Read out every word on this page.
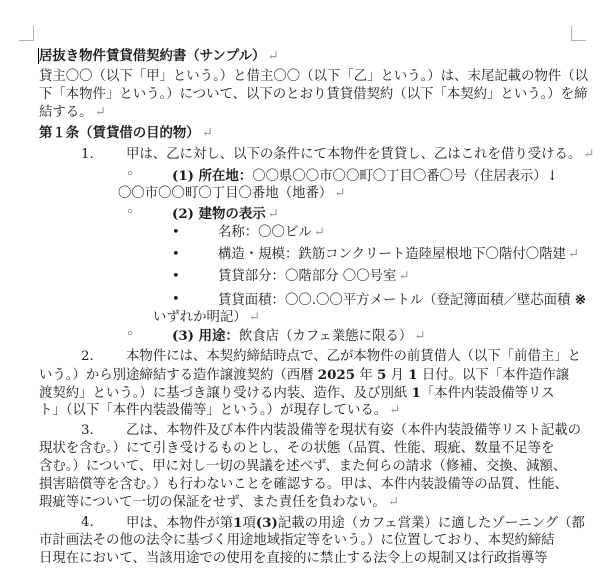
居抜き物件賃貸借契約書（サンプル） ↵
貸主〇〇（以下「甲」という。）と借主〇〇（以下「乙」という。）は、末尾記載の物件（以
下「本物件」という。）について、以下のとおり賃貸借契約（以下「本契約」という。）を締
結する。 ↵
第１条（賃貸借の目的物） ↵
1. 甲は、乙に対し、以下の条件にて本物件を賃貸し、乙はこれを借り受ける。 ↵
◦	(1) 所在地：〇〇県〇〇市〇〇町〇丁目〇番〇号（住居表示）↓
〇〇市〇〇町〇丁目〇番地（地番） ↵
◦	(2) 建物の表示 ↵
•	名称：〇〇ビル ↵
•	構造・規模：鉄筋コンクリート造陸屋根地下〇階付〇階建 ↵
•	賃貸部分：〇階部分 〇〇号室 ↵
•	賃貸面積：〇〇.〇〇平方メートル（登記簿面積／壁芯面積 ※
いずれか明記） ↵
◦	(3) 用途：飲食店（カフェ業態に限る） ↵
2. 本物件には、本契約締結時点で、乙が本物件の前賃借人（以下「前借主」と
いう。）から別途締結する造作譲渡契約（西暦 2025 年 5 月 1 日付。以下「本件造作譲
渡契約」という。）に基づき譲り受ける内装、造作、及び別紙 1「本件内装設備等リス
ト」（以下「本件内装設備等」という。）が現存している。 ↵
3. 乙は、本物件及び本件内装設備等を現状有姿（本件内装設備等リスト記載の
現状を含む。）にて引き受けるものとし、その状態（品質、性能、瑕疵、数量不足等を
含む。）について、甲に対し一切の異議を述べず、また何らの請求（修補、交換、減額、
損害賠償等を含む。）も行わないことを確認する。甲は、本件内装設備等の品質、性能、
瑕疵等について一切の保証をせず、また責任を負わない。 ↵
4. 甲は、本物件が第1項(3)記載の用途（カフェ営業）に適したゾーニング（都
市計画法その他の法令に基づく用途地域指定等をいう。）に位置しており、本契約締結
日現在において、当該用途での使用を直接的に禁止する法令上の規制又は行政指導等
